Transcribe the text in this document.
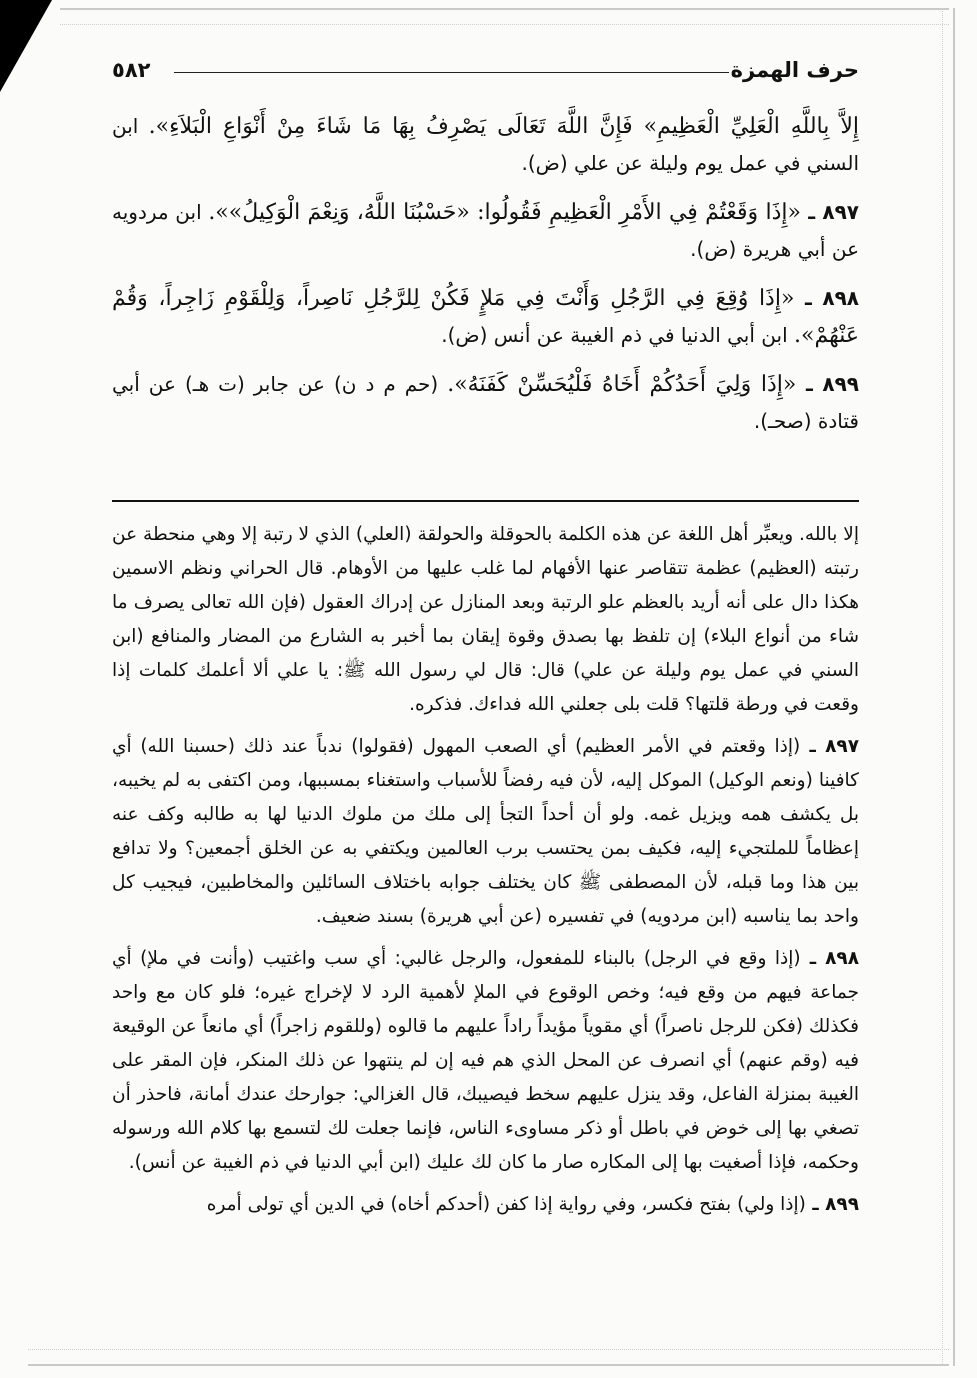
حرف الهمزة
٥٨٢

إِلاَّ بِاللَّهِ الْعَلِيِّ الْعَظِيمِ» فَإِنَّ اللَّهَ تَعَالَى يَصْرِفُ بِهَا مَا شَاءَ مِنْ أَنْوَاعِ الْبَلاَءِ». ابن السني في عمل يوم وليلة عن علي (ض).

٨٩٧ ـ «إِذَا وَقَعْتُمْ فِي الأَمْرِ الْعَظِيمِ فَقُولُوا: «حَسْبُنَا اللَّهُ، وَنِعْمَ الْوَكِيلُ»». ابن مردويه عن أبي هريرة (ض).

٨٩٨ ـ «إِذَا وُقِعَ فِي الرَّجُلِ وَأَنْتَ فِي مَلإٍ فَكُنْ لِلرَّجُلِ نَاصِراً، وَلِلْقَوْمِ زَاجِراً، وَقُمْ عَنْهُمْ». ابن أبي الدنيا في ذم الغيبة عن أنس (ض).

٨٩٩ ـ «إِذَا وَلِيَ أَحَدُكُمْ أَخَاهُ فَلْيُحَسِّنْ كَفَنَهُ». (حم م د ن) عن جابر (ت هـ) عن أبي قتادة (صحـ).

إلا بالله. ويعبِّر أهل اللغة عن هذه الكلمة بالحوقلة والحولقة (العلي) الذي لا رتبة إلا وهي منحطة عن رتبته (العظيم) عظمة تتقاصر عنها الأفهام لما غلب عليها من الأوهام. قال الحراني ونظم الاسمين هكذا دال على أنه أريد بالعظم علو الرتبة وبعد المنازل عن إدراك العقول (فإن الله تعالى يصرف ما شاء من أنواع البلاء) إن تلفظ بها بصدق وقوة إيقان بما أخبر به الشارع من المضار والمنافع (ابن السني في عمل يوم وليلة عن علي) قال: قال لي رسول الله ﷺ: يا علي ألا أعلمك كلمات إذا وقعت في ورطة قلتها؟ قلت بلى جعلني الله فداءك. فذكره.

٨٩٧ ـ (إذا وقعتم في الأمر العظيم) أي الصعب المهول (فقولوا) ندباً عند ذلك (حسبنا الله) أي كافينا (ونعم الوكيل) الموكل إليه، لأن فيه رفضاً للأسباب واستغناء بمسببها، ومن اكتفى به لم يخيبه، بل يكشف همه ويزيل غمه. ولو أن أحداً التجأ إلى ملك من ملوك الدنيا لها به طالبه وكف عنه إعظاماً للملتجيء إليه، فكيف بمن يحتسب برب العالمين ويكتفي به عن الخلق أجمعين؟ ولا تدافع بين هذا وما قبله، لأن المصطفى ﷺ كان يختلف جوابه باختلاف السائلين والمخاطبين، فيجيب كل واحد بما يناسبه (ابن مردويه) في تفسيره (عن أبي هريرة) بسند ضعيف.

٨٩٨ ـ (إذا وقع في الرجل) بالبناء للمفعول، والرجل غالبي: أي سب واغتيب (وأنت في ملإ) أي جماعة فيهم من وقع فيه؛ وخص الوقوع في الملإ لأهمية الرد لا لإخراج غيره؛ فلو كان مع واحد فكذلك (فكن للرجل ناصراً) أي مقوياً مؤيداً راداً عليهم ما قالوه (وللقوم زاجراً) أي مانعاً عن الوقيعة فيه (وقم عنهم) أي انصرف عن المحل الذي هم فيه إن لم ينتهوا عن ذلك المنكر، فإن المقر على الغيبة بمنزلة الفاعل، وقد ينزل عليهم سخط فيصيبك، قال الغزالي: جوارحك عندك أمانة، فاحذر أن تصغي بها إلى خوض في باطل أو ذكر مساوىء الناس، فإنما جعلت لك لتسمع بها كلام الله ورسوله وحكمه، فإذا أصغيت بها إلى المكاره صار ما كان لك عليك (ابن أبي الدنيا في ذم الغيبة عن أنس).

٨٩٩ ـ (إذا ولي) بفتح فكسر، وفي رواية إذا كفن (أحدكم أخاه) في الدين أي تولى أمره
